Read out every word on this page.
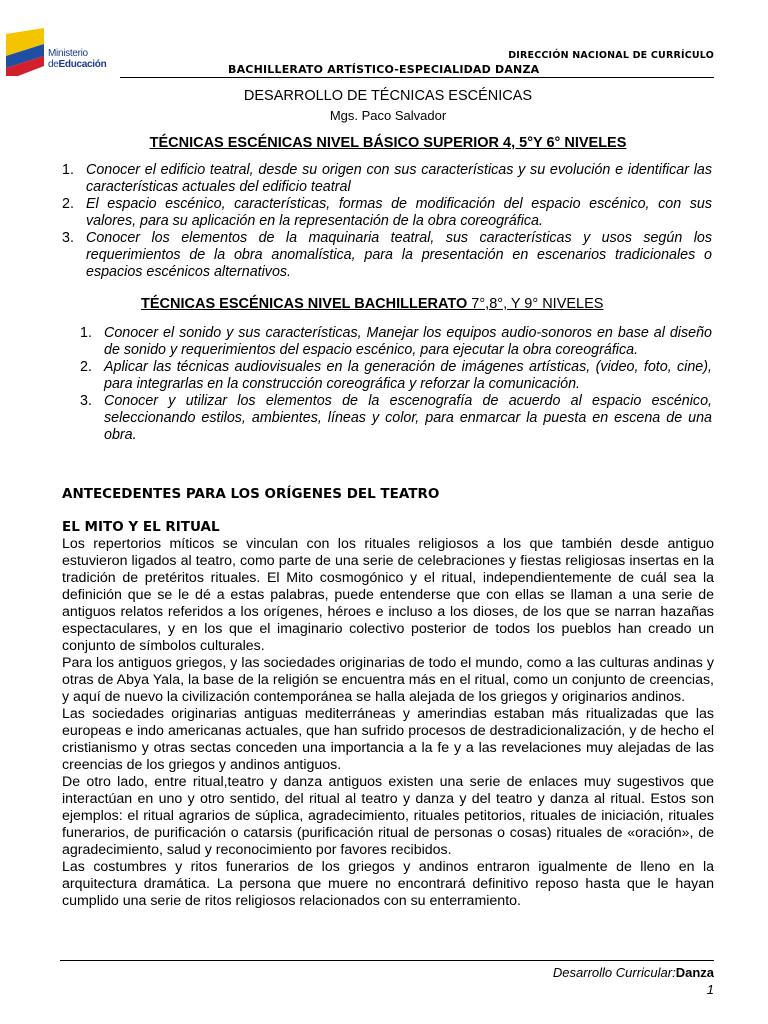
Ministerio
deEducación
DIRECCIÓN NACIONAL DE CURRÍCULO
BACHILLERATO ARTÍSTICO-ESPECIALIDAD DANZA
DESARROLLO DE TÉCNICAS ESCÉNICAS
Mgs. Paco Salvador
TÉCNICAS ESCÉNICAS NIVEL BÁSICO SUPERIOR 4, 5°Y 6° NIVELES
1. Conocer el edificio teatral, desde su origen con sus características y su evolución e identificar las características actuales del edificio teatral
2. El espacio escénico, características, formas de modificación del espacio escénico, con sus valores, para su aplicación en la representación de la obra coreográfica.
3. Conocer los elementos de la maquinaria teatral, sus características y usos según los requerimientos de la obra anomalística, para la presentación en escenarios tradicionales o espacios escénicos alternativos.
TÉCNICAS ESCÉNICAS NIVEL BACHILLERATO 7°,8°, Y 9° NIVELES
1. Conocer el sonido y sus características, Manejar los equipos audio-sonoros en base al diseño de sonido y requerimientos del espacio escénico, para ejecutar la obra coreográfica.
2. Aplicar las técnicas audiovisuales en la generación de imágenes artísticas, (video, foto, cine), para integrarlas en la construcción coreográfica y reforzar la comunicación.
3. Conocer y utilizar los elementos de la escenografía de acuerdo al espacio escénico, seleccionando estilos, ambientes, líneas y color, para enmarcar la puesta en escena de una obra.
ANTECEDENTES PARA LOS ORÍGENES DEL TEATRO
EL MITO Y EL RITUAL

Los repertorios míticos se vinculan con los rituales religiosos a los que también desde antiguo estuvieron ligados al teatro, como parte de una serie de celebraciones y fiestas religiosas insertas en la tradición de pretéritos rituales. El Mito cosmogónico y el ritual, independientemente de cuál sea la definición que se le dé a estas palabras, puede entenderse que con ellas se llaman a una serie de antiguos relatos referidos a los orígenes, héroes e incluso a los dioses, de los que se narran hazañas espectaculares, y en los que el imaginario colectivo posterior de todos los pueblos han creado un conjunto de símbolos culturales.

Para los antiguos griegos, y las sociedades originarias de todo el mundo, como a las culturas andinas y otras de Abya Yala, la base de la religión se encuentra más en el ritual, como un conjunto de creencias, y aquí de nuevo la civilización contemporánea se halla alejada de los griegos y originarios andinos.

Las sociedades originarias antiguas mediterráneas y amerindias estaban más ritualizadas que las europeas e indo americanas actuales, que han sufrido procesos de destradicionalización, y de hecho el cristianismo y otras sectas conceden una importancia a la fe y a las revelaciones muy alejadas de las creencias de los griegos y andinos antiguos.

De otro lado, entre ritual,teatro y danza antiguos existen una serie de enlaces muy sugestivos que interactúan en uno y otro sentido, del ritual al teatro y danza y del teatro y danza al ritual. Estos son ejemplos: el ritual agrarios de súplica, agradecimiento, rituales petitorios, rituales de iniciación, rituales funerarios, de purificación o catarsis (purificación ritual de personas o cosas) rituales de «oración», de agradecimiento, salud y reconocimiento por favores recibidos.

Las costumbres y ritos funerarios de los griegos y andinos entraron igualmente de lleno en la arquitectura dramática. La persona que muere no encontrará definitivo reposo hasta que le hayan cumplido una serie de ritos religiosos relacionados con su enterramiento.

Desarrollo Curricular:Danza
1
